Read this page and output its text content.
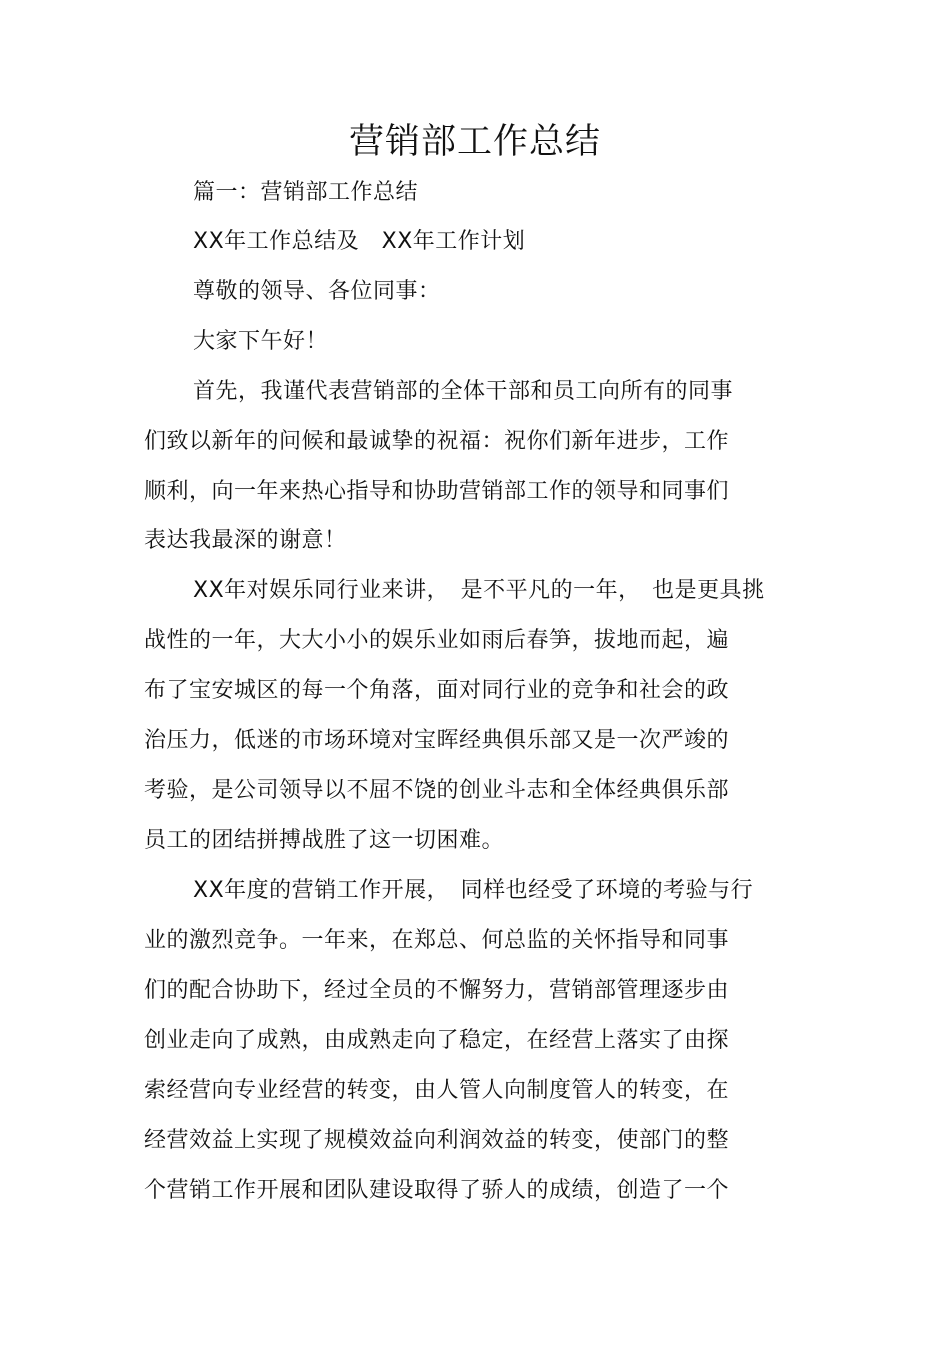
营销部工作总结
篇一：营销部工作总结
XX年工作总结及　XX年工作计划
尊敬的领导、各位同事：
大家下午好！
首先，我谨代表营销部的全体干部和员工向所有的同事
们致以新年的问候和最诚挚的祝福：祝你们新年进步，工作
顺利，向一年来热心指导和协助营销部工作的领导和同事们
表达我最深的谢意！
XX年对娱乐同行业来讲，　是不平凡的一年，　也是更具挑
战性的一年，大大小小的娱乐业如雨后春笋，拔地而起，遍
布了宝安城区的每一个角落，面对同行业的竞争和社会的政
治压力，低迷的市场环境对宝晖经典俱乐部又是一次严竣的
考验，是公司领导以不屈不饶的创业斗志和全体经典俱乐部
员工的团结拼搏战胜了这一切困难。
XX年度的营销工作开展，　同样也经受了环境的考验与行
业的激烈竞争。一年来，在郑总、何总监的关怀指导和同事
们的配合协助下，经过全员的不懈努力，营销部管理逐步由
创业走向了成熟，由成熟走向了稳定，在经营上落实了由探
索经营向专业经营的转变，由人管人向制度管人的转变，在
经营效益上实现了规模效益向利润效益的转变，使部门的整
个营销工作开展和团队建设取得了骄人的成绩，创造了一个
